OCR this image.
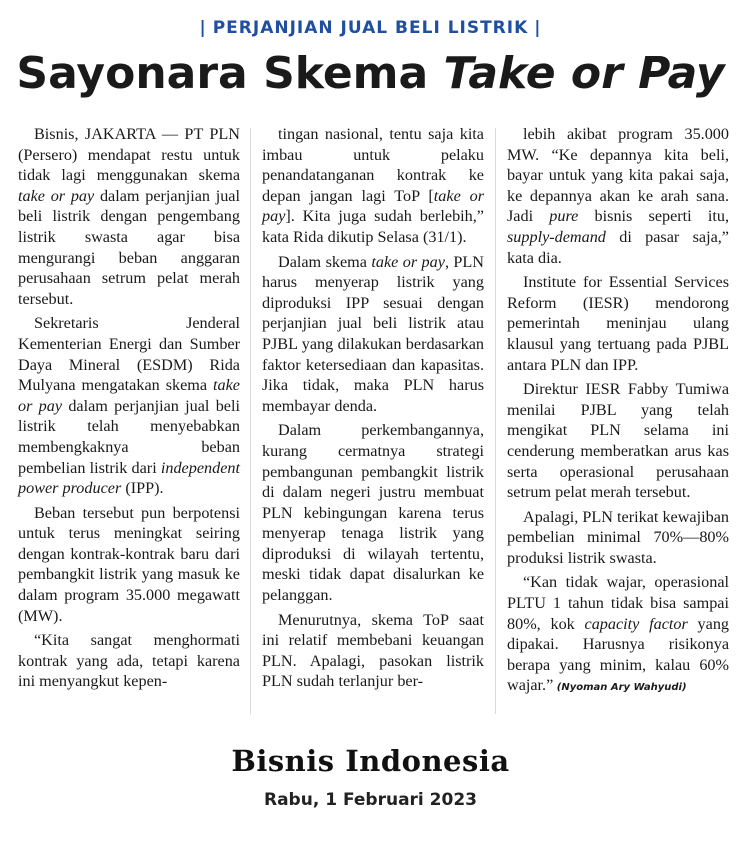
| PERJANJIAN JUAL BELI LISTRIK |
Sayonara Skema Take or Pay

Bisnis, JAKARTA — PT PLN (Persero) mendapat restu untuk tidak lagi menggunakan skema take or pay dalam perjanjian jual beli listrik dengan pengembang listrik swasta agar bisa mengurangi beban anggaran perusahaan setrum pelat merah tersebut.

Sekretaris Jenderal Kementerian Energi dan Sumber Daya Mineral (ESDM) Rida Mulyana mengatakan skema take or pay dalam perjanjian jual beli listrik telah menyebabkan membengkaknya beban pembelian listrik dari independent power producer (IPP).

Beban tersebut pun berpotensi untuk terus meningkat seiring dengan kontrak-kontrak baru dari pembangkit listrik yang masuk ke dalam program 35.000 megawatt (MW).

“Kita sangat menghormati kontrak yang ada, tetapi karena ini menyangkut kepen-

tingan nasional, tentu saja kita imbau untuk pelaku penandatanganan kontrak ke depan jangan lagi ToP [take or pay]. Kita juga sudah berlebih,” kata Rida dikutip Selasa (31/1).

Dalam skema take or pay, PLN harus menyerap listrik yang diproduksi IPP sesuai dengan perjanjian jual beli listrik atau PJBL yang dilakukan berdasarkan faktor ketersediaan dan kapasitas. Jika tidak, maka PLN harus membayar denda.

Dalam perkembangannya, kurang cermatnya strategi pembangunan pembangkit listrik di dalam negeri justru membuat PLN kebingungan karena terus menyerap tenaga listrik yang diproduksi di wilayah tertentu, meski tidak dapat disalurkan ke pelanggan.

Menurutnya, skema ToP saat ini relatif membebani keuangan PLN. Apalagi, pasokan listrik PLN sudah terlanjur ber-

lebih akibat program 35.000 MW. “Ke depannya kita beli, bayar untuk yang kita pakai saja, ke depannya akan ke arah sana. Jadi pure bisnis seperti itu, supply-demand di pasar saja,” kata dia.

Institute for Essential Services Reform (IESR) mendorong pemerintah meninjau ulang klausul yang tertuang pada PJBL antara PLN dan IPP.

Direktur IESR Fabby Tumiwa menilai PJBL yang telah mengikat PLN selama ini cenderung memberatkan arus kas serta operasional perusahaan setrum pelat merah tersebut.

Apalagi, PLN terikat kewajiban pembelian minimal 70%—80% produksi listrik swasta.

“Kan tidak wajar, operasional PLTU 1 tahun tidak bisa sampai 80%, kok capacity factor yang dipakai. Harusnya risikonya berapa yang minim, kalau 60% wajar.” (Nyoman Ary Wahyudi)

Bisnis Indonesia
Rabu, 1 Februari 2023
